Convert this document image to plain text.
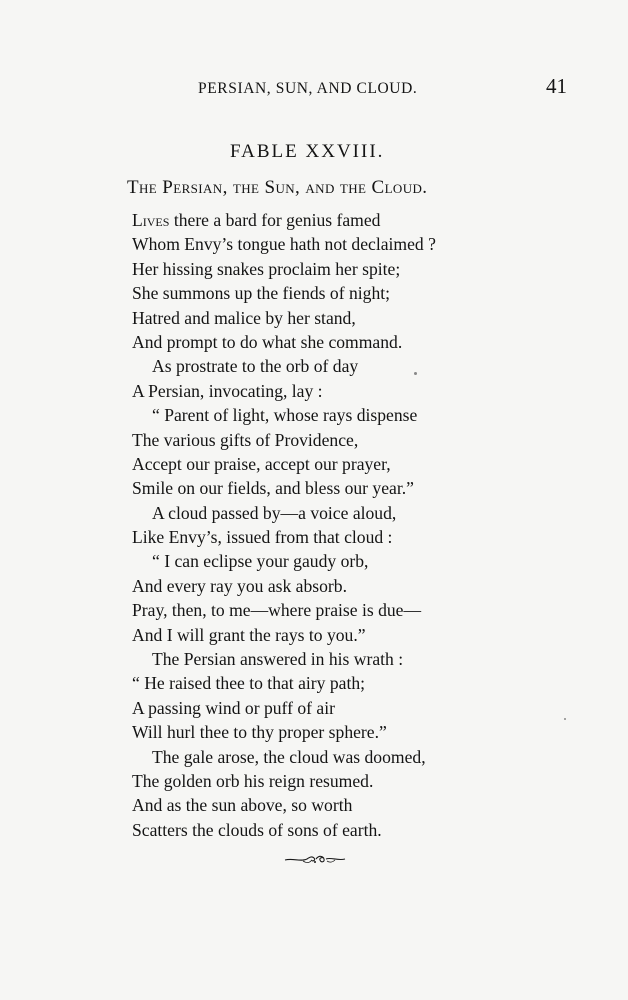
PERSIAN, SUN, AND CLOUD.	41
FABLE XXVIII.
The Persian, the Sun, and the Cloud.
Lives there a bard for genius famed
Whom Envy’s tongue hath not declaimed ?
Her hissing snakes proclaim her spite;
She summons up the fiends of night;
Hatred and malice by her stand,
And prompt to do what she command.
As prostrate to the orb of day
A Persian, invocating, lay :
“ Parent of light, whose rays dispense
The various gifts of Providence,
Accept our praise, accept our prayer,
Smile on our fields, and bless our year.”
A cloud passed by—a voice aloud,
Like Envy’s, issued from that cloud :
“ I can eclipse your gaudy orb,
And every ray you ask absorb.
Pray, then, to me—where praise is due—
And I will grant the rays to you.”
The Persian answered in his wrath :
“ He raised thee to that airy path;
A passing wind or puff of air
Will hurl thee to thy proper sphere.”
The gale arose, the cloud was doomed,
The golden orb his reign resumed.
And as the sun above, so worth
Scatters the clouds of sons of earth.
